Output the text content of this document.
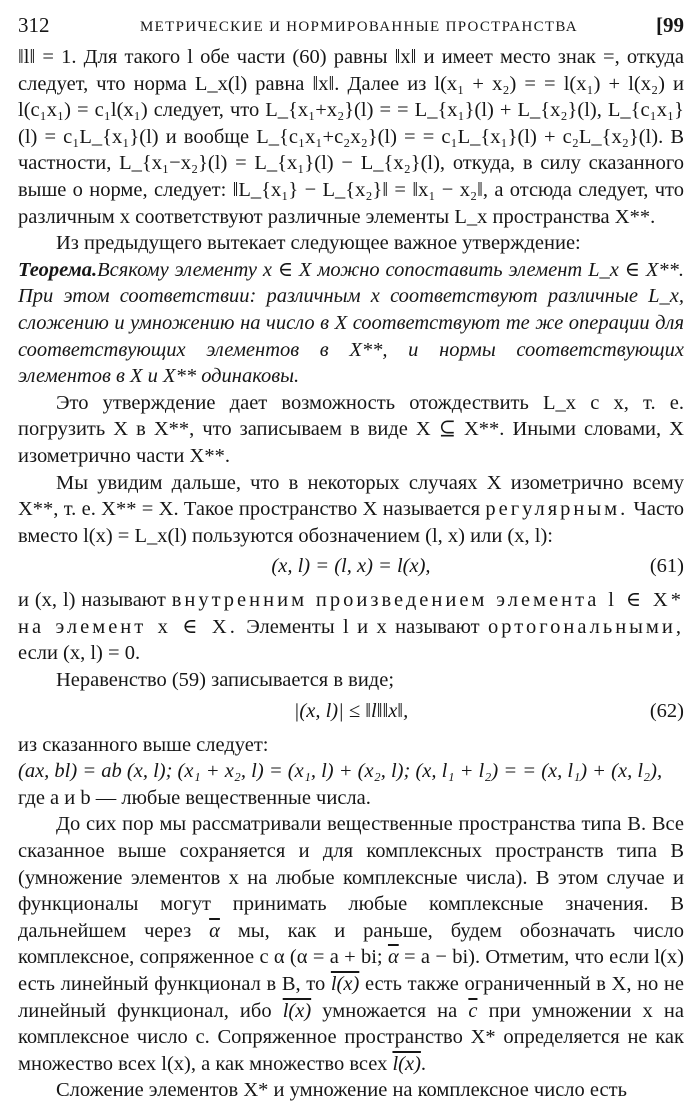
312	МЕТРИЧЕСКИЕ И НОРМИРОВАННЫЕ ПРОСТРАНСТВА	[99

‖l‖ = 1. Для такого l обе части (60) равны ‖x‖ и имеет место знак =, откуда следует, что норма L_x(l) равна ‖x‖. Далее из l(x₁ + x₂) = = l(x₁) + l(x₂) и l(c₁x₁) = c₁l(x₁) следует, что L_{x₁+x₂}(l) = = L_{x₁}(l) + L_{x₂}(l), L_{c₁x₁}(l) = c₁L_{x₁}(l) и вообще L_{c₁x₁+c₂x₂}(l) = = c₁L_{x₁}(l) + c₂L_{x₂}(l). В частности, L_{x₁−x₂}(l) = L_{x₁}(l) − L_{x₂}(l), откуда, в силу сказанного выше о норме, следует: ‖L_{x₁} − L_{x₂}‖ = ‖x₁ − x₂‖, а отсюда следует, что различным x соответствуют различные элементы L_x пространства X**.

Из предыдущего вытекает следующее важное утверждение:

Теорема.Всякому элементу x ∈ X можно сопоставить элемент L_x ∈ X**. При этом соответствии: различным x соответствуют различные L_x, сложению и умножению на число в X соответствуют те же операции для соответствующих элементов в X**, и нормы соответствующих элементов в X и X** одинаковы.

Это утверждение дает возможность отождествить L_x с x, т. е. погрузить X в X**, что записываем в виде X ⊆ X**. Иными словами, X изометрично части X**.

Мы увидим дальше, что в некоторых случаях X изометрично всему X**, т. е. X** = X. Такое пространство X называется регулярным. Часто вместо l(x) = L_x(l) пользуются обозначением (l, x) или (x, l):

(x, l) = (l, x) = l(x),	(61)

и (x, l) называют внутренним произведением элемента l ∈ X* на элемент x ∈ X. Элементы l и x называют ортогональными, если (x, l) = 0.

Неравенство (59) записывается в виде;

|(x, l)| ≤ ‖l‖‖x‖,	(62)

из сказанного выше следует:

(ax, bl) = ab (x, l); (x₁ + x₂, l) = (x₁, l) + (x₂, l); (x, l₁ + l₂) = = (x, l₁) + (x, l₂),

где a и b — любые вещественные числа.

До сих пор мы рассматривали вещественные пространства типа B. Все сказанное выше сохраняется и для комплексных пространств типа B (умножение элементов x на любые комплексные числа). В этом случае и функционалы могут принимать любые комплексные значения. В дальнейшем через $\overline{\alpha}$ мы, как и раньше, будем обозначать число комплексное, сопряженное с α (α = a + bi; $\overline{\alpha} = a - bi$). Отметим, что если l(x) есть линейный функционал в B, то l(x) есть также ограниченный в X, но не линейный функционал, ибо l(x) умножается на $\overline{c}$ при умножении x на комплексное число c. Сопряженное пространство X* определяется не как множество всех l(x), а как множество всех l(x).

Сложение элементов X* и умножение на комплексное число есть
